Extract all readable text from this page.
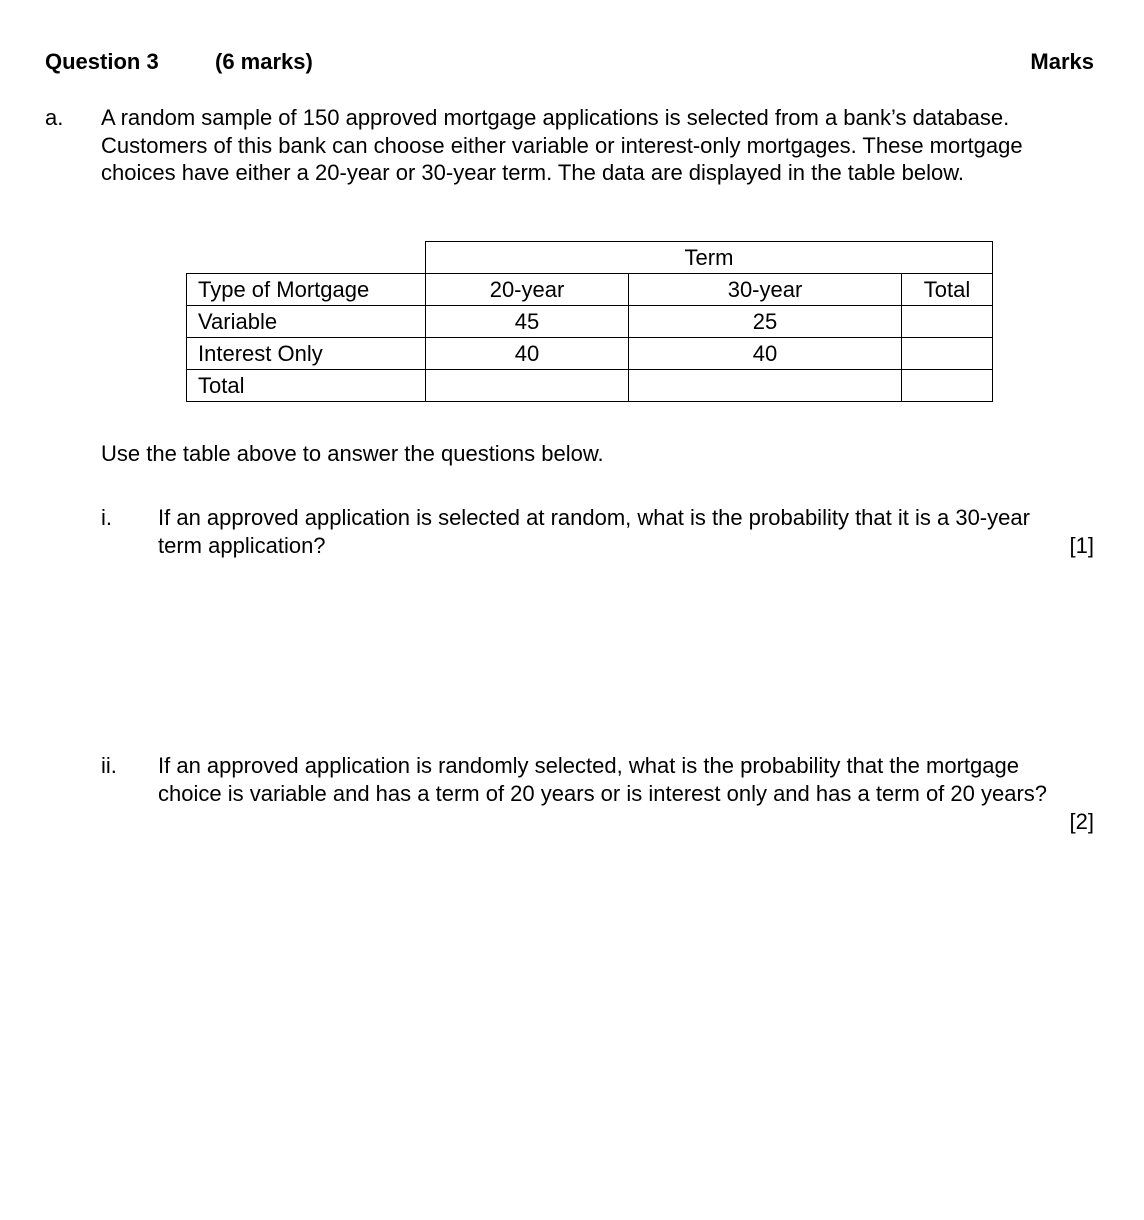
Question 3	(6 marks)	Marks
a. A random sample of 150 approved mortgage applications is selected from a bank’s database. Customers of this bank can choose either variable or interest-only mortgages. These mortgage choices have either a 20-year or 30-year term. The data are displayed in the table below.
	Term		
Type of Mortgage	20-year	30-year	Total
Variable	45	25	
Interest Only	40	40	
Total			
Use the table above to answer the questions below.
i. If an approved application is selected at random, what is the probability that it is a 30-year term application?	[1]
ii. If an approved application is randomly selected, what is the probability that the mortgage choice is variable and has a term of 20 years or is interest only and has a term of 20 years?
[2]
